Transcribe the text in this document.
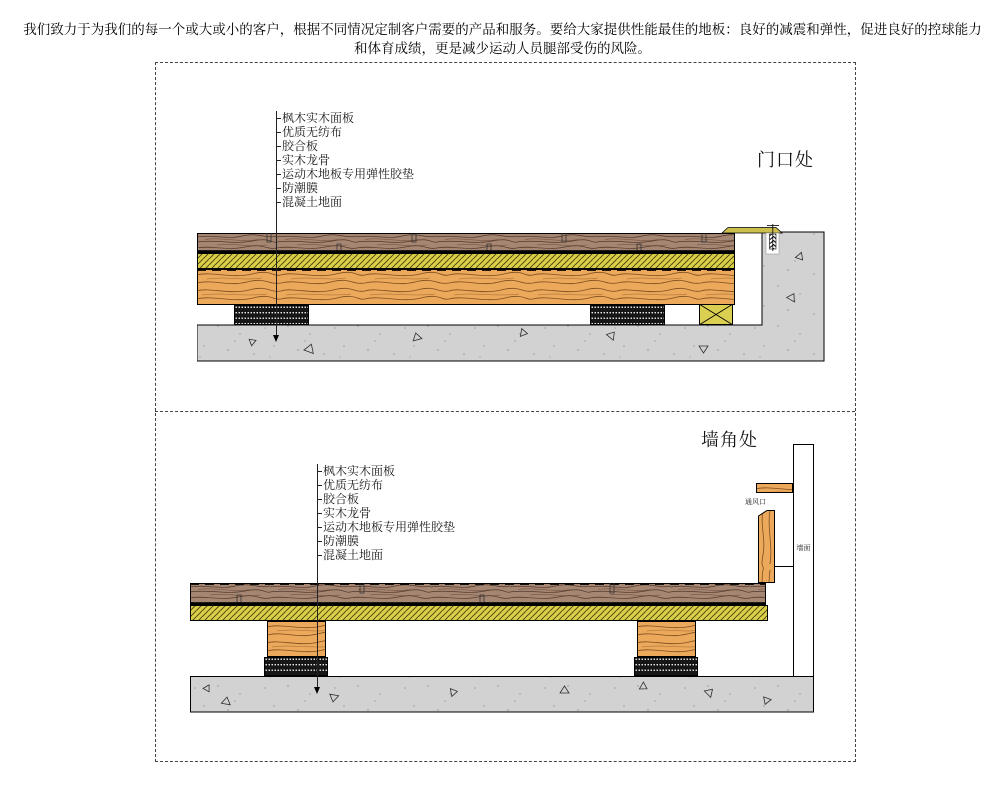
我们致力于为我们的每一个或大或小的客户，根据不同情况定制客户需要的产品和服务。要给大家提供性能最佳的地板：良好的减震和弹性，促进良好的控球能力
和体育成绩，更是减少运动人员腿部受伤的风险。

门口处
枫木实木面板
优质无纺布
胶合板
实木龙骨
运动木地板专用弹性胶垫
防潮膜
混凝土地面
墙角处
墙面
通风口
枫木实木面板
优质无纺布
胶合板
实木龙骨
运动木地板专用弹性胶垫
防潮膜
混凝土地面
